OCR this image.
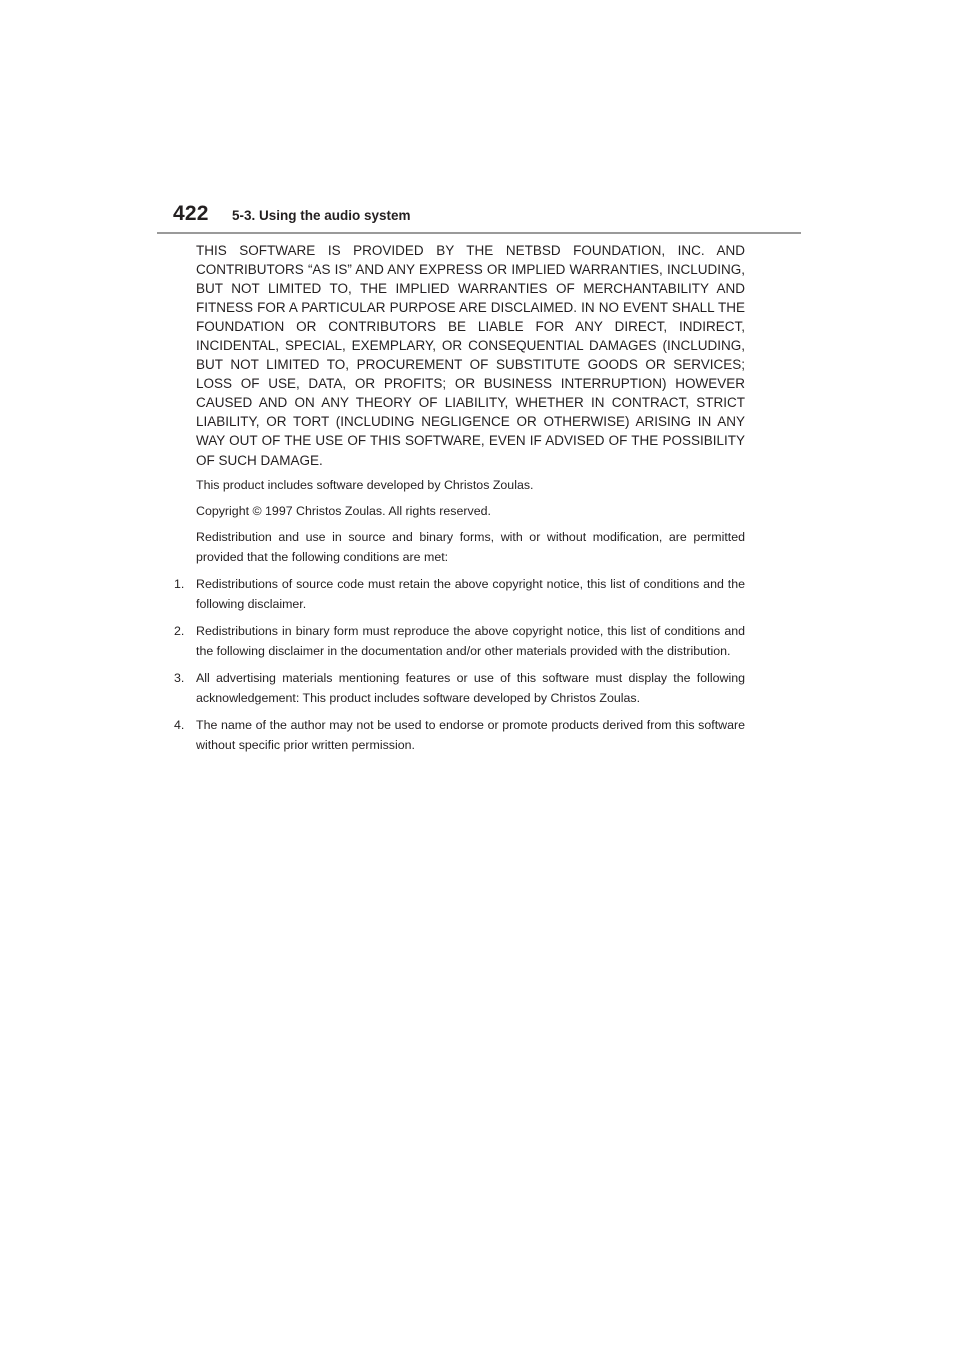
422 5-3. Using the audio system

THIS SOFTWARE IS PROVIDED BY THE NETBSD FOUNDATION, INC. AND CONTRIBUTORS “AS IS” AND ANY EXPRESS OR IMPLIED WARRANTIES, INCLUDING, BUT NOT LIMITED TO, THE IMPLIED WARRANTIES OF MERCHANTABILITY AND FITNESS FOR A PARTICULAR PURPOSE ARE DISCLAIMED. IN NO EVENT SHALL THE FOUNDATION OR CONTRIBUTORS BE LIABLE FOR ANY DIRECT, INDIRECT, INCIDENTAL, SPECIAL, EXEMPLARY, OR CONSEQUENTIAL DAMAGES (INCLUDING, BUT NOT LIMITED TO, PROCUREMENT OF SUBSTITUTE GOODS OR SERVICES; LOSS OF USE, DATA, OR PROFITS; OR BUSINESS INTERRUPTION) HOWEVER CAUSED AND ON ANY THEORY OF LIABILITY, WHETHER IN CONTRACT, STRICT LIABILITY, OR TORT (INCLUDING NEGLIGENCE OR OTHERWISE) ARISING IN ANY WAY OUT OF THE USE OF THIS SOFTWARE, EVEN IF ADVISED OF THE POSSIBILITY OF SUCH DAMAGE.

This product includes software developed by Christos Zoulas.

Copyright © 1997 Christos Zoulas. All rights reserved.

Redistribution and use in source and binary forms, with or without modification, are permitted provided that the following conditions are met:

1. Redistributions of source code must retain the above copyright notice, this list of conditions and the following disclaimer.
2. Redistributions in binary form must reproduce the above copyright notice, this list of conditions and the following disclaimer in the documentation and/or other materials provided with the distribution.
3. All advertising materials mentioning features or use of this software must display the following acknowledgement: This product includes software developed by Christos Zoulas.
4. The name of the author may not be used to endorse or promote products derived from this software without specific prior written permission.
